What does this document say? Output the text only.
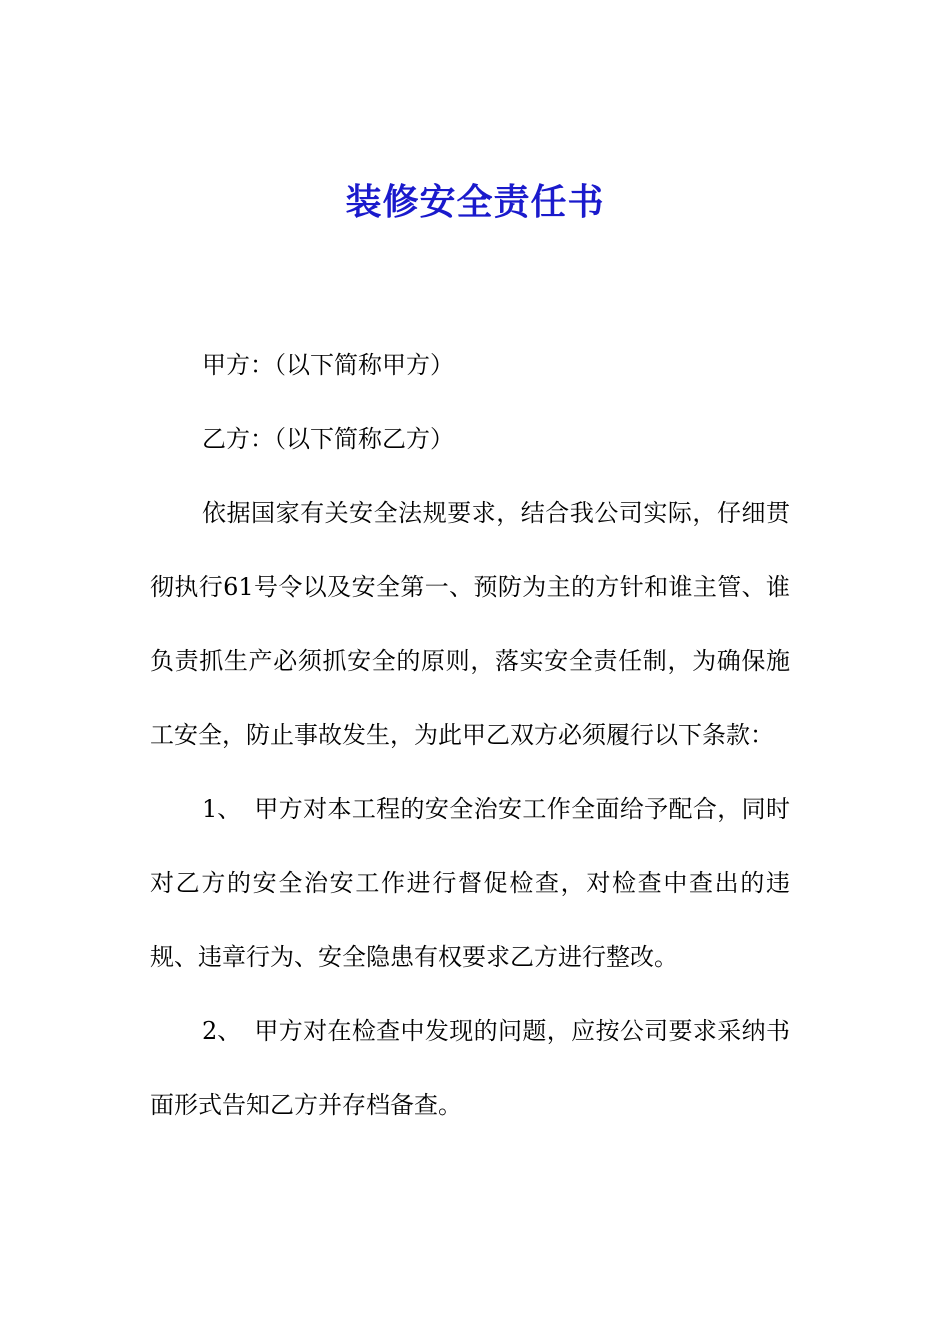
装修安全责任书

甲方：（以下简称甲方）

乙方：（以下简称乙方）

依据国家有关安全法规要求，结合我公司实际，仔细贯彻执行61号令以及安全第一、预防为主的方针和谁主管、谁负责抓生产必须抓安全的原则，落实安全责任制，为确保施工安全，防止事故发生，为此甲乙双方必须履行以下条款：

1、 甲方对本工程的安全治安工作全面给予配合，同时对乙方的安全治安工作进行督促检查，对检查中查出的违规、违章行为、安全隐患有权要求乙方进行整改。

2、 甲方对在检查中发现的问题，应按公司要求采纳书面形式告知乙方并存档备查。
